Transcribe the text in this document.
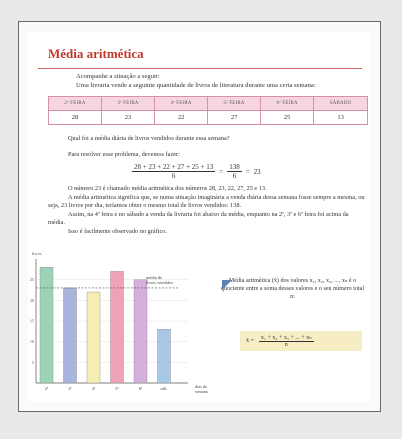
Média aritmética
Acompanhe a situação a seguir:
Uma livraria vende a seguinte quantidade de livros de literatura durante uma certa semana:
2ª FEIRA	3ª FEIRA	4ª FEIRA	5ª FEIRA	6ª FEIRA	SÁBADO
28	23	22	27	25	13

Qual foi a média diária de livros vendidos durante essa semana?

Para resolver esse problema, devemos fazer:

$\frac{28 + 23 + 22 + 27 + 25 + 13}{6} = \frac{138}{6} = 23$

O número 23 é chamado média aritmética dos números 28, 23, 22, 27, 25 e 13.

A média aritmética significa que, se numa situação imaginária a venda diária dessa semana fosse sempre a mesma, ou seja, 23 livros por dia, teríamos obter o mesmo total de livros vendidos: 138.

Assim, na 4ª feira e no sábado a venda da livraria foi abaixo da média, enquanto na 2ª, 3ª e 6ª feira foi acima da média.

Isso é facilmente observado no gráfico.

livros
média de
livros vendidos
5
10
15
20
25
2ª	3ª	4ª	5ª	6ª	sáb.	dias da
semana

Média aritmética (x̄) dos valores x₁, x₂, x₃, ..., xₙ é o quociente entre a soma desses valores e o seu número total n:

x̄ = $\frac{\text{x₁ + x₂ + x₃ + ... + xₙ}}{n}$
